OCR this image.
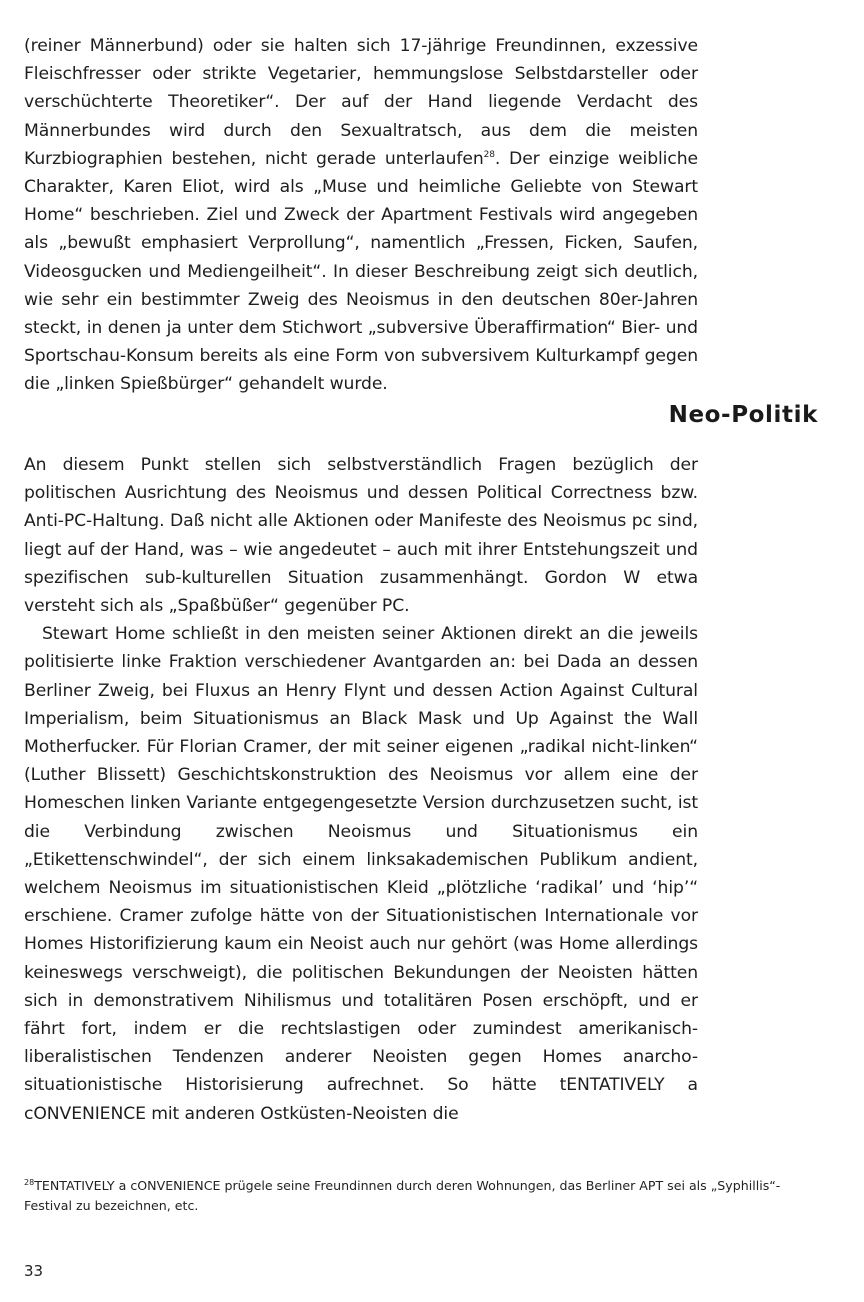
(reiner Männerbund) oder sie halten sich 17-jährige Freundinnen, exzessive Fleischfresser oder strikte Vegetarier, hemmungslose Selbstdarsteller oder verschüchterte Theoretiker“. Der auf der Hand liegende Verdacht des Männerbundes wird durch den Sexualtratsch, aus dem die meisten Kurzbiographien bestehen, nicht gerade unterlaufen$^{28}$. Der einzige weibliche Charakter, Karen Eliot, wird als „Muse und heimliche Geliebte von Stewart Home“ beschrieben. Ziel und Zweck der Apartment Festivals wird angegeben als „bewußt emphasiert Verprollung“, namentlich „Fressen, Ficken, Saufen, Videosgucken und Mediengeilheit“. In dieser Beschreibung zeigt sich deutlich, wie sehr ein bestimmter Zweig des Neoismus in den deutschen 80er-Jahren steckt, in denen ja unter dem Stichwort „subversive Überaffirmation“ Bier- und Sportschau-Konsum bereits als eine Form von subversivem Kulturkampf gegen die „linken Spießbürger“ gehandelt wurde.

Neo-Politik

An diesem Punkt stellen sich selbstverständlich Fragen bezüglich der politischen Ausrichtung des Neoismus und dessen Political Correctness bzw. Anti-PC-Haltung. Daß nicht alle Aktionen oder Manifeste des Neoismus pc sind, liegt auf der Hand, was – wie angedeutet – auch mit ihrer Entstehungszeit und spezifischen sub-kulturellen Situation zusammenhängt. Gordon W etwa versteht sich als „Spaßbüßer“ gegenüber PC.

Stewart Home schließt in den meisten seiner Aktionen direkt an die jeweils politisierte linke Fraktion verschiedener Avantgarden an: bei Dada an dessen Berliner Zweig, bei Fluxus an Henry Flynt und dessen Action Against Cultural Imperialism, beim Situationismus an Black Mask und Up Against the Wall Motherfucker. Für Florian Cramer, der mit seiner eigenen „radikal nicht-linken“ (Luther Blissett) Geschichtskonstruktion des Neoismus vor allem eine der Homeschen linken Variante entgegengesetzte Version durchzusetzen sucht, ist die Verbindung zwischen Neoismus und Situationismus ein „Etikettenschwindel“, der sich einem linksakademischen Publikum andient, welchem Neoismus im situationistischen Kleid „plötzliche ‘radikal’ und ‘hip’“ erschiene. Cramer zufolge hätte von der Situationistischen Internationale vor Homes Historifizierung kaum ein Neoist auch nur gehört (was Home allerdings keineswegs verschweigt), die politischen Bekundungen der Neoisten hätten sich in demonstrativem Nihilismus und totalitären Posen erschöpft, und er fährt fort, indem er die rechtslastigen oder zumindest amerikanisch-liberalistischen Tendenzen anderer Neoisten gegen Homes anarcho-situationistische Historisierung aufrechnet. So hätte tENTATIVELY a cONVENIENCE mit anderen Ostküsten-Neoisten die

$^{28}$TENTATIVELY a cONVENIENCE prügele seine Freundinnen durch deren Wohnungen, das Berliner APT sei als „Syphillis“-Festival zu bezeichnen, etc.

33
